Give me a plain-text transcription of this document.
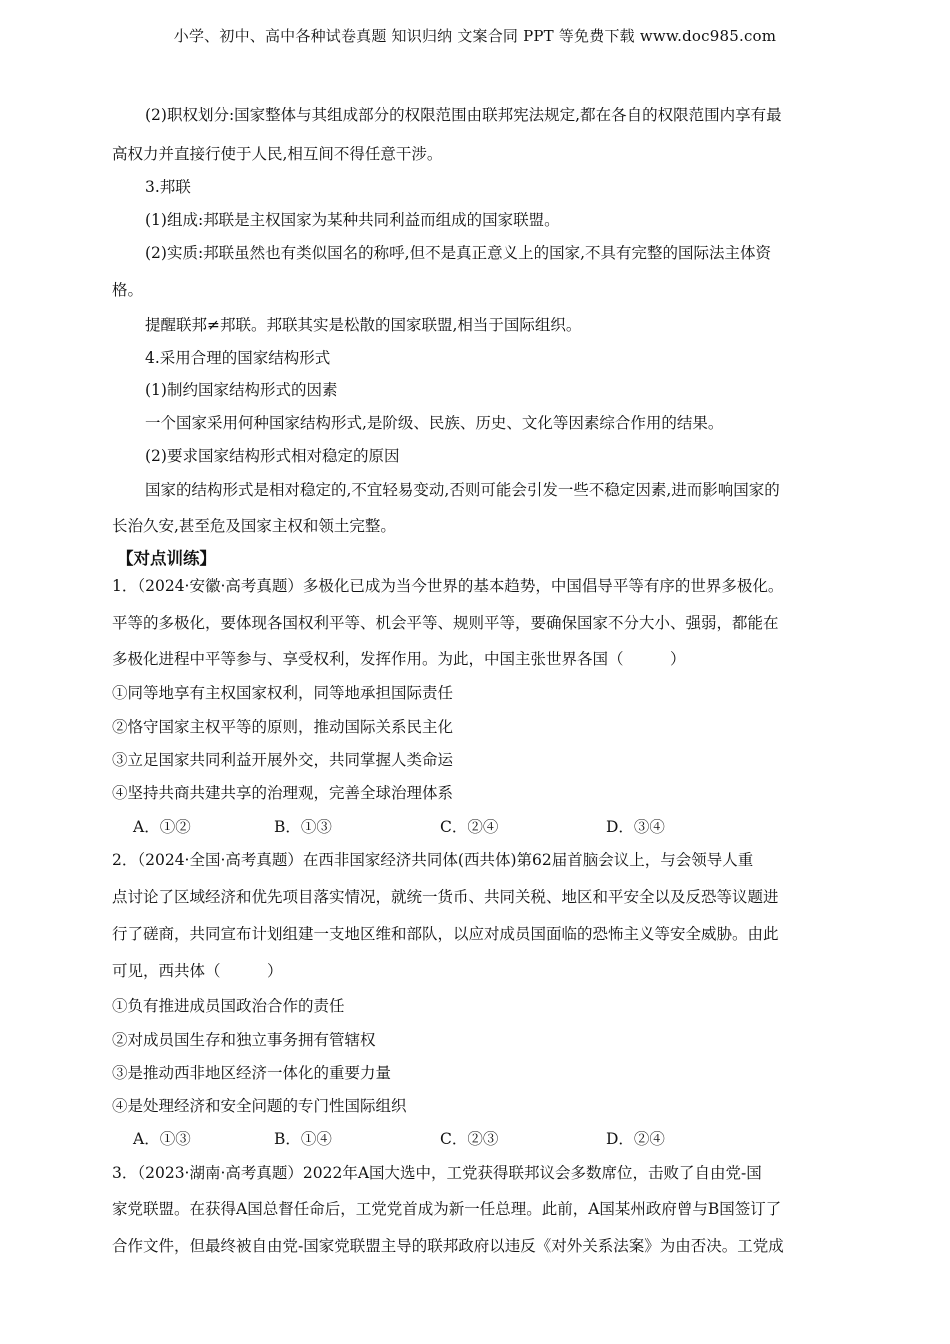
小学、初中、高中各种试卷真题 知识归纳 文案合同 PPT 等免费下载 www.doc985.com
(2)职权划分:国家整体与其组成部分的权限范围由联邦宪法规定,都在各自的权限范围内享有最
高权力并直接行使于人民,相互间不得任意干涉。
3.邦联
(1)组成:邦联是主权国家为某种共同利益而组成的国家联盟。
(2)实质:邦联虽然也有类似国名的称呼,但不是真正意义上的国家,不具有完整的国际法主体资
格。
提醒联邦≠邦联。邦联其实是松散的国家联盟,相当于国际组织。
4.采用合理的国家结构形式
(1)制约国家结构形式的因素
一个国家采用何种国家结构形式,是阶级、民族、历史、文化等因素综合作用的结果。
(2)要求国家结构形式相对稳定的原因
国家的结构形式是相对稳定的,不宜轻易变动,否则可能会引发一些不稳定因素,进而影响国家的
长治久安,甚至危及国家主权和领土完整。
【对点训练】
1．（2024·安徽·高考真题）多极化已成为当今世界的基本趋势，中国倡导平等有序的世界多极化。
平等的多极化，要体现各国权利平等、机会平等、规则平等，要确保国家不分大小、强弱，都能在
多极化进程中平等参与、享受权利，发挥作用。为此，中国主张世界各国（　　　）
①同等地享有主权国家权利，同等地承担国际责任
②恪守国家主权平等的原则，推动国际关系民主化
③立足国家共同利益开展外交，共同掌握人类命运
④坚持共商共建共享的治理观，完善全球治理体系
A．①②	B．①③	C．②④	D．③④
2．（2024·全国·高考真题）在西非国家经济共同体(西共体)第62届首脑会议上，与会领导人重
点讨论了区域经济和优先项目落实情况，就统一货币、共同关税、地区和平安全以及反恐等议题进
行了磋商，共同宣布计划组建一支地区维和部队，以应对成员国面临的恐怖主义等安全威胁。由此
可见，西共体（　　　）
①负有推进成员国政治合作的责任
②对成员国生存和独立事务拥有管辖权
③是推动西非地区经济一体化的重要力量
④是处理经济和安全问题的专门性国际组织
A．①③	B．①④	C．②③	D．②④
3．（2023·湖南·高考真题）2022年A国大选中，工党获得联邦议会多数席位，击败了自由党-国
家党联盟。在获得A国总督任命后，工党党首成为新一任总理。此前，A国某州政府曾与B国签订了
合作文件，但最终被自由党-国家党联盟主导的联邦政府以违反《对外关系法案》为由否决。工党成
